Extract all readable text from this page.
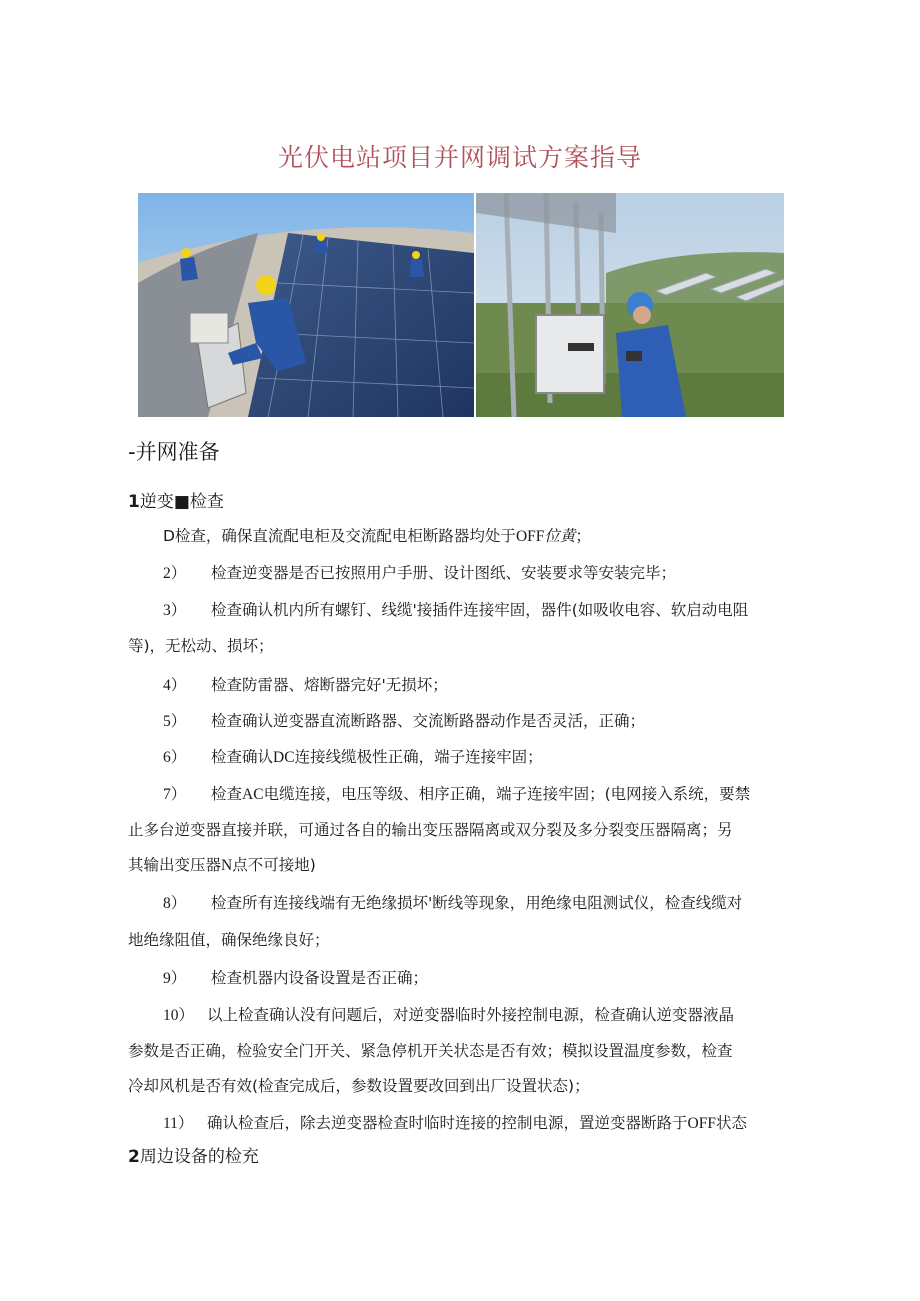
光伏电站项目并网调试方案指导
-并网准备
1逆变■检查
D检查，确保直流配电柜及交流配电柜断路器均处于OFF位黄；
2） 检查逆变器是否已按照用户手册、设计图纸、安装要求等安装完毕；
3） 检查确认机内所有螺钉、线缆'接插件连接牢固，器件(如吸收电容、软启动电阻
等)，无松动、损坏；
4） 检查防雷器、熔断器完好'无损坏；
5） 检查确认逆变器直流断路器、交流断路器动作是否灵活，正确；
6） 检查确认DC连接线缆极性正确，端子连接牢固；
7） 检查AC电缆连接，电压等级、相序正确，端子连接牢固；(电网接入系统，要禁
止多台逆变器直接并联，可通过各自的输出变压器隔离或双分裂及多分裂变压器隔离；另
其输出变压器N点不可接地)
8） 检查所有连接线端有无绝缘损坏'断线等现象，用绝缘电阻测试仪，检查线缆对
地绝缘阻值，确保绝缘良好；
9） 检查机器内设备设置是否正确；
10） 以上检查确认没有问题后，对逆变器临时外接控制电源，检查确认逆变器液晶
参数是否正确，检验安全门开关、紧急停机开关状态是否有效；模拟设置温度参数，检查
冷却风机是否有效(检查完成后，参数设置要改回到出厂设置状态)；
11） 确认检查后，除去逆变器检查时临时连接的控制电源，置逆变器断路于OFF状态
2周边设备的检充
